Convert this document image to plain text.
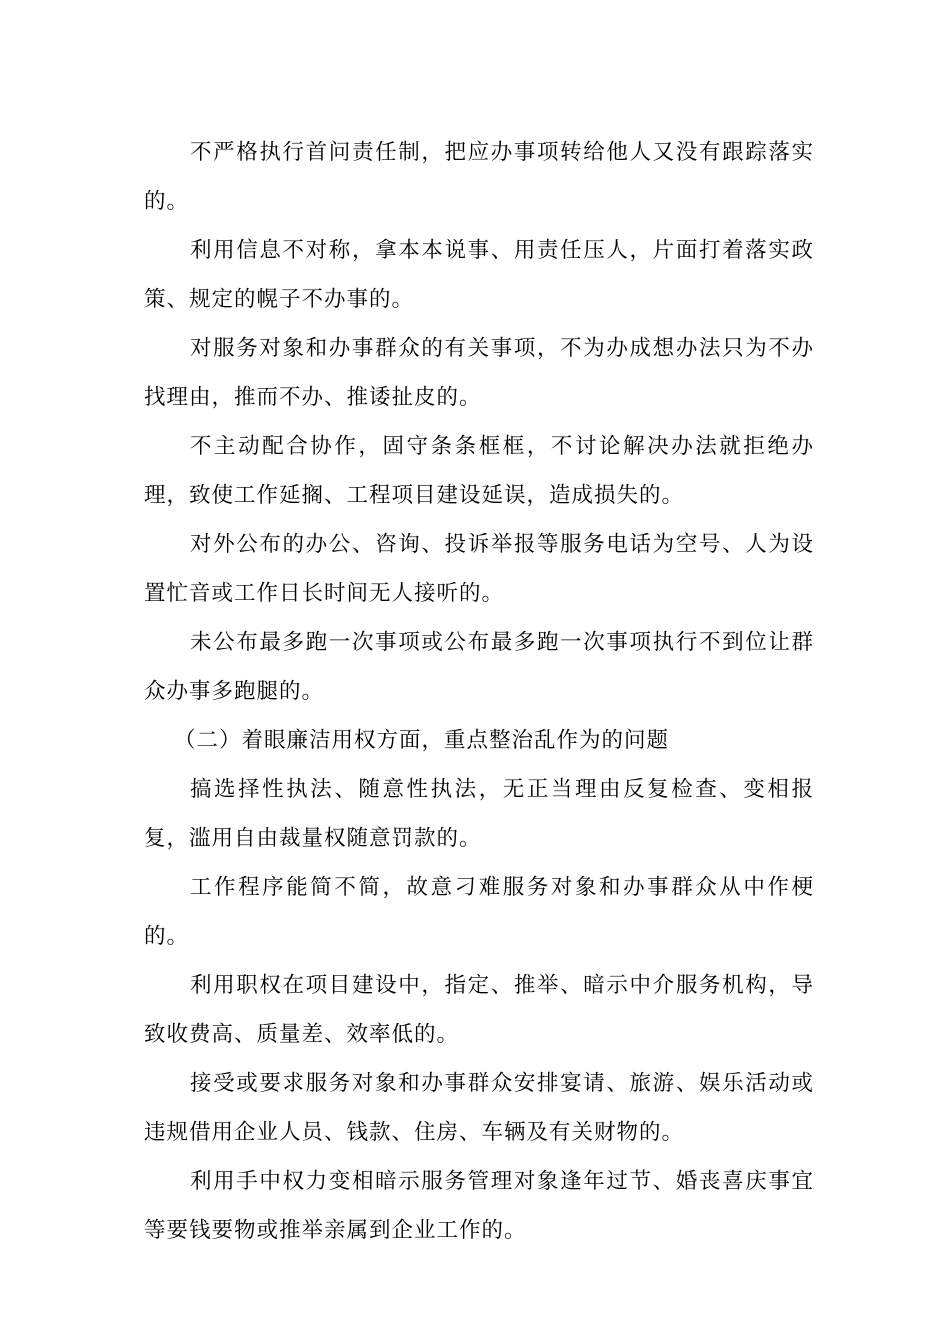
不严格执行首问责任制，把应办事项转给他人又没有跟踪落实的。

利用信息不对称，拿本本说事、用责任压人，片面打着落实政策、规定的幌子不办事的。

对服务对象和办事群众的有关事项，不为办成想办法只为不办找理由，推而不办、推诿扯皮的。

不主动配合协作，固守条条框框，不讨论解决办法就拒绝办理，致使工作延搁、工程项目建设延误，造成损失的。

对外公布的办公、咨询、投诉举报等服务电话为空号、人为设置忙音或工作日长时间无人接听的。

未公布最多跑一次事项或公布最多跑一次事项执行不到位让群众办事多跑腿的。

（二）着眼廉洁用权方面，重点整治乱作为的问题

搞选择性执法、随意性执法，无正当理由反复检查、变相报复，滥用自由裁量权随意罚款的。

工作程序能简不简，故意刁难服务对象和办事群众从中作梗的。

利用职权在项目建设中，指定、推举、暗示中介服务机构，导致收费高、质量差、效率低的。

接受或要求服务对象和办事群众安排宴请、旅游、娱乐活动或违规借用企业人员、钱款、住房、车辆及有关财物的。

利用手中权力变相暗示服务管理对象逢年过节、婚丧喜庆事宜等要钱要物或推举亲属到企业工作的。
